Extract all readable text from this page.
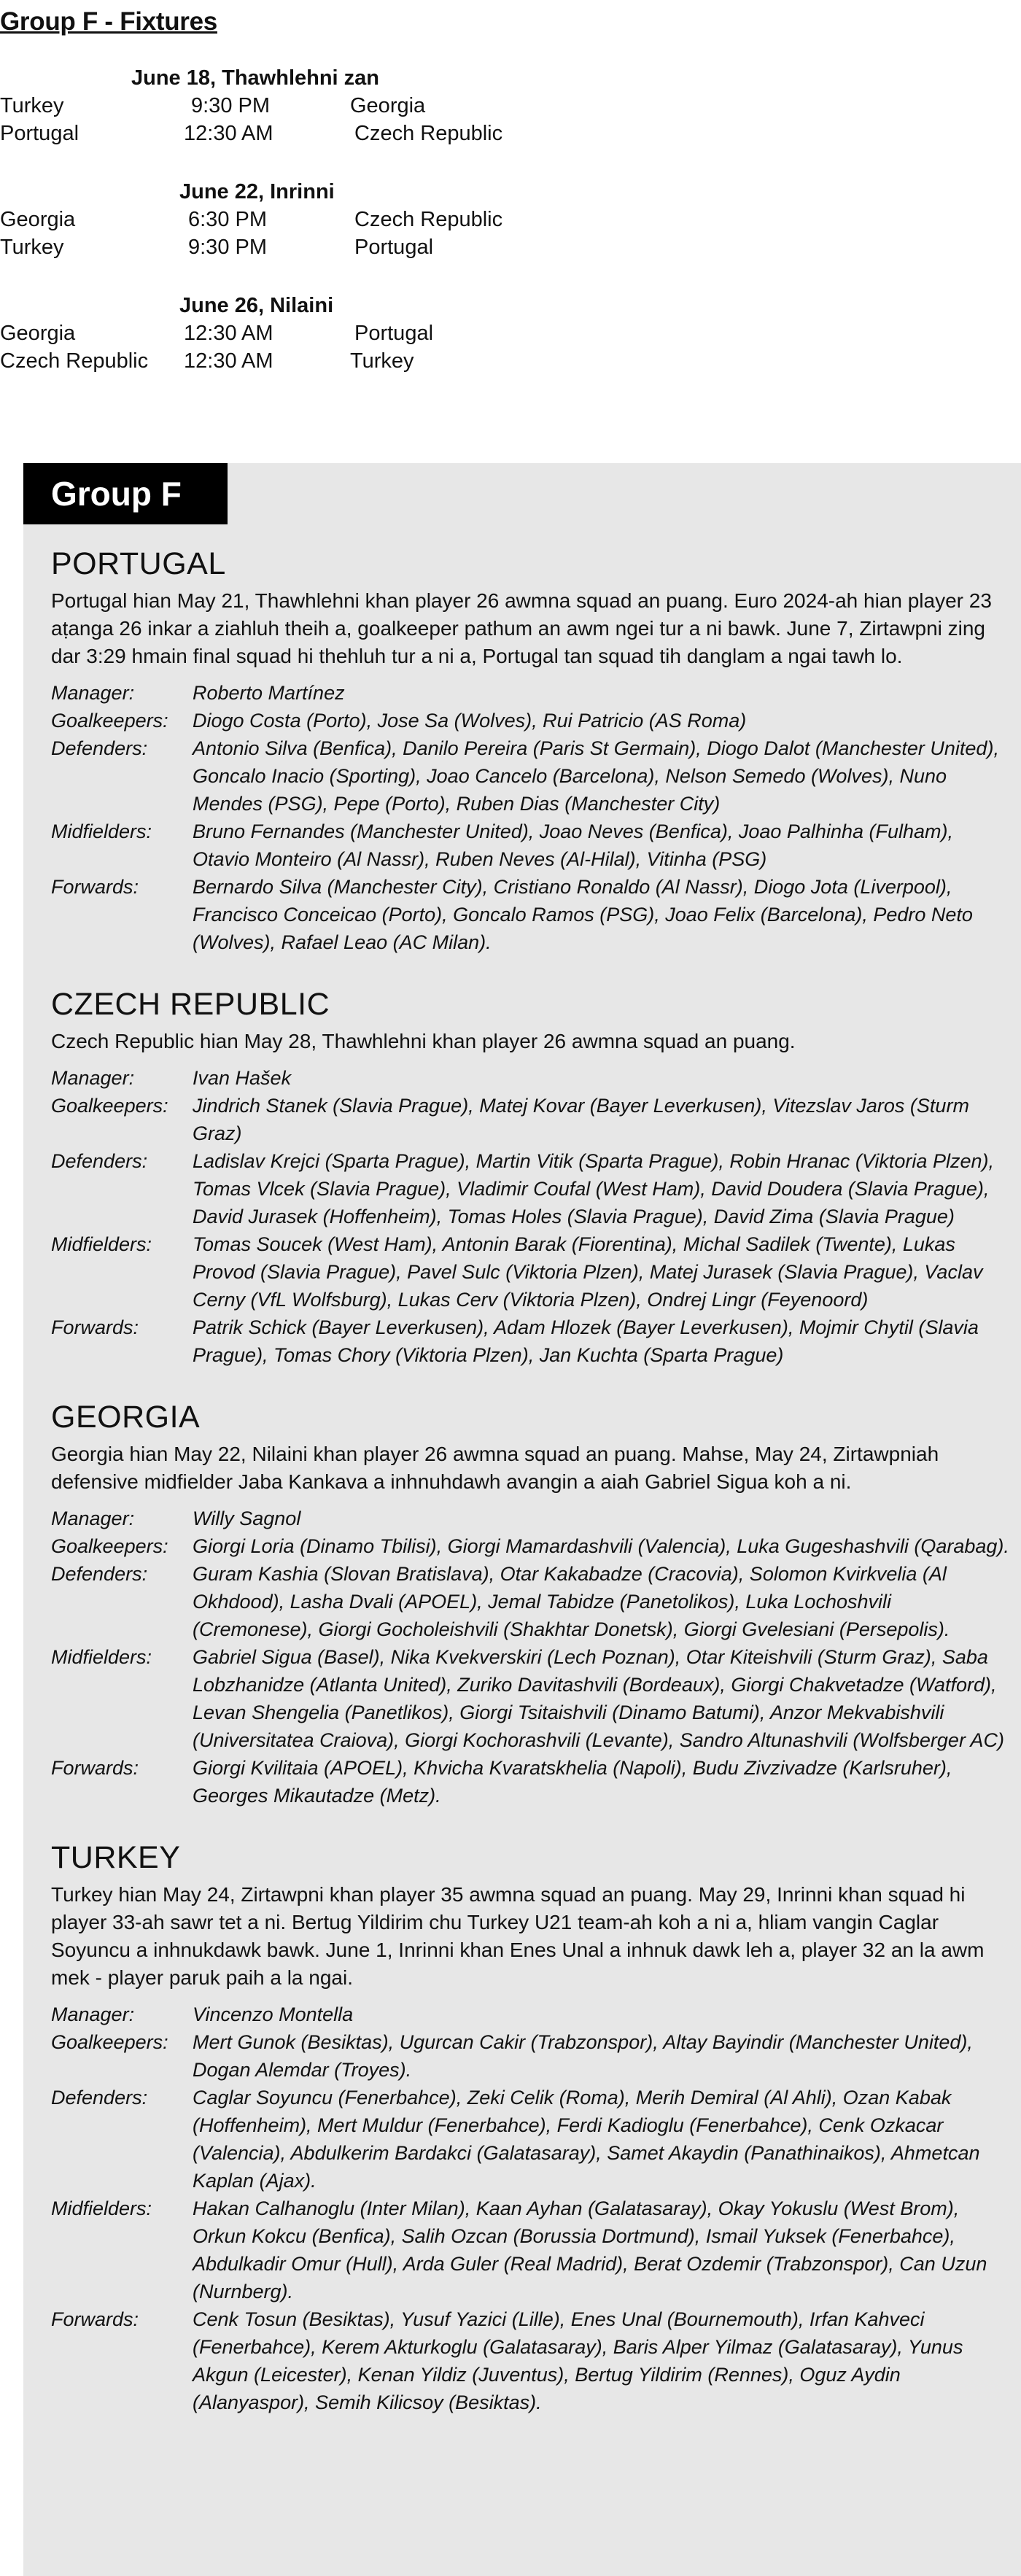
Group F - Fixtures
June 18, Thawhlehni zan
Turkey	9:30 PM	Georgia
Portugal	12:30 AM	Czech Republic
June 22, Inrinni
Georgia	6:30 PM	Czech Republic
Turkey	9:30 PM	Portugal
June 26, Nilaini
Georgia	12:30 AM	Portugal
Czech Republic 12:30 AM	Turkey
Group F
PORTUGAL

Portugal hian May 21, Thawhlehni khan player 26 awmna squad an puang. Euro 2024-ah hian player 23 aṭanga 26 inkar a ziahluh theih a, goalkeeper pathum an awm ngei tur a ni bawk. June 7, Zirtawpni zing dar 3:29 hmain final squad hi thehluh tur a ni a, Portugal tan squad tih danglam a ngai tawh lo.

Manager:	Roberto Martínez
Goalkeepers:	Diogo Costa (Porto), Jose Sa (Wolves), Rui Patricio (AS Roma)
Defenders:	Antonio Silva (Benfica), Danilo Pereira (Paris St Germain), Diogo Dalot (Manchester United), Goncalo Inacio (Sporting), Joao Cancelo (Barcelona), Nelson Semedo (Wolves), Nuno Mendes (PSG), Pepe (Porto), Ruben Dias (Manchester City)
Midfielders:	Bruno Fernandes (Manchester United), Joao Neves (Benfica), Joao Palhinha (Fulham), Otavio Monteiro (Al Nassr), Ruben Neves (Al-Hilal), Vitinha (PSG)
Forwards:	Bernardo Silva (Manchester City), Cristiano Ronaldo (Al Nassr), Diogo Jota (Liverpool), Francisco Conceicao (Porto), Goncalo Ramos (PSG), Joao Felix (Barcelona), Pedro Neto (Wolves), Rafael Leao (AC Milan).
CZECH REPUBLIC

Czech Republic hian May 28, Thawhlehni khan player 26 awmna squad an puang.

Manager:	Ivan Hašek
Goalkeepers:	Jindrich Stanek (Slavia Prague), Matej Kovar (Bayer Leverkusen), Vitezslav Jaros (Sturm Graz)
Defenders:	Ladislav Krejci (Sparta Prague), Martin Vitik (Sparta Prague), Robin Hranac (Viktoria Plzen), Tomas Vlcek (Slavia Prague), Vladimir Coufal (West Ham), David Doudera (Slavia Prague), David Jurasek (Hoffenheim), Tomas Holes (Slavia Prague), David Zima (Slavia Prague)
Midfielders:	Tomas Soucek (West Ham), Antonin Barak (Fiorentina), Michal Sadilek (Twente), Lukas Provod (Slavia Prague), Pavel Sulc (Viktoria Plzen), Matej Jurasek (Slavia Prague), Vaclav Cerny (VfL Wolfsburg), Lukas Cerv (Viktoria Plzen), Ondrej Lingr (Feyenoord)
Forwards:	Patrik Schick (Bayer Leverkusen), Adam Hlozek (Bayer Leverkusen), Mojmir Chytil (Slavia Prague), Tomas Chory (Viktoria Plzen), Jan Kuchta (Sparta Prague)
GEORGIA

Georgia hian May 22, Nilaini khan player 26 awmna squad an puang. Mahse, May 24, Zirtawpniah defensive midfielder Jaba Kankava a inhnuhdawh avangin a aiah Gabriel Sigua koh a ni.

Manager:	Willy Sagnol
Goalkeepers:	Giorgi Loria (Dinamo Tbilisi), Giorgi Mamardashvili (Valencia), Luka Gugeshashvili (Qarabag).
Defenders:	Guram Kashia (Slovan Bratislava), Otar Kakabadze (Cracovia), Solomon Kvirkvelia (Al Okhdood), Lasha Dvali (APOEL), Jemal Tabidze (Panetolikos), Luka Lochoshvili (Cremonese), Giorgi Gocholeishvili (Shakhtar Donetsk), Giorgi Gvelesiani (Persepolis).
Midfielders:	Gabriel Sigua (Basel), Nika Kvekverskiri (Lech Poznan), Otar Kiteishvili (Sturm Graz), Saba Lobzhanidze (Atlanta United), Zuriko Davitashvili (Bordeaux), Giorgi Chakvetadze (Watford), Levan Shengelia (Panetlikos), Giorgi Tsitaishvili (Dinamo Batumi), Anzor Mekvabishvili (Universitatea Craiova), Giorgi Kochorashvili (Levante), Sandro Altunashvili (Wolfsberger AC)
Forwards:	Giorgi Kvilitaia (APOEL), Khvicha Kvaratskhelia (Napoli), Budu Zivzivadze (Karlsruher), Georges Mikautadze (Metz).
TURKEY

Turkey hian May 24, Zirtawpni khan player 35 awmna squad an puang. May 29, Inrinni khan squad hi player 33-ah sawr tet a ni. Bertug Yildirim chu Turkey U21 team-ah koh a ni a, hliam vangin Caglar Soyuncu a inhnukdawk bawk. June 1, Inrinni khan Enes Unal a inhnuk dawk leh a, player 32 an la awm mek - player paruk paih a la ngai.

Manager:	Vincenzo Montella
Goalkeepers:	Mert Gunok (Besiktas), Ugurcan Cakir (Trabzonspor), Altay Bayindir (Manchester United), Dogan Alemdar (Troyes).
Defenders:	Caglar Soyuncu (Fenerbahce), Zeki Celik (Roma), Merih Demiral (Al Ahli), Ozan Kabak (Hoffenheim), Mert Muldur (Fenerbahce), Ferdi Kadioglu (Fenerbahce), Cenk Ozkacar (Valencia), Abdulkerim Bardakci (Galatasaray), Samet Akaydin (Panathinaikos), Ahmetcan Kaplan (Ajax).
Midfielders:	Hakan Calhanoglu (Inter Milan), Kaan Ayhan (Galatasaray), Okay Yokuslu (West Brom), Orkun Kokcu (Benfica), Salih Ozcan (Borussia Dortmund), Ismail Yuksek (Fenerbahce), Abdulkadir Omur (Hull), Arda Guler (Real Madrid), Berat Ozdemir (Trabzonspor), Can Uzun (Nurnberg).
Forwards:	Cenk Tosun (Besiktas), Yusuf Yazici (Lille), Enes Unal (Bournemouth), Irfan Kahveci (Fenerbahce), Kerem Akturkoglu (Galatasaray), Baris Alper Yilmaz (Galatasaray), Yunus Akgun (Leicester), Kenan Yildiz (Juventus), Bertug Yildirim (Rennes), Oguz Aydin (Alanyaspor), Semih Kilicsoy (Besiktas).
